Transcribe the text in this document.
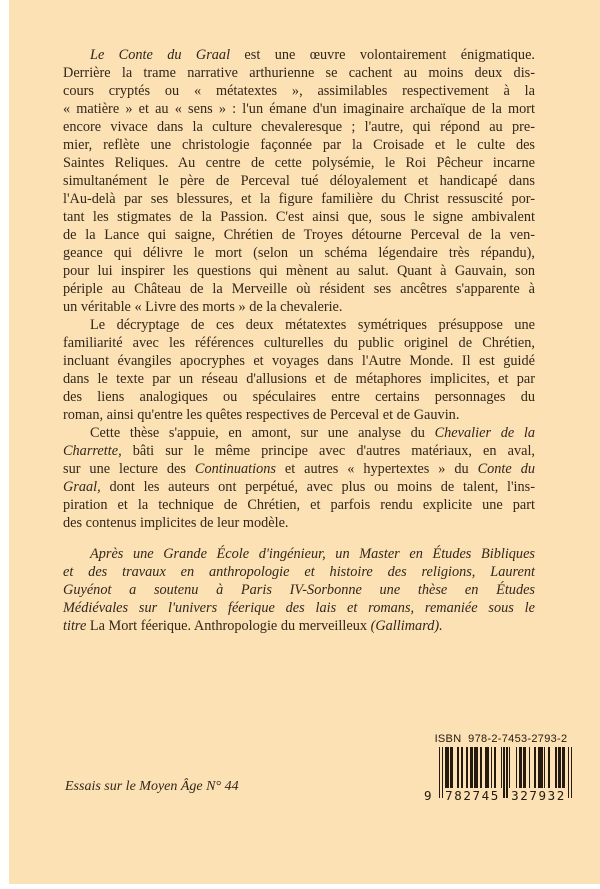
Le Conte du Graal est une œuvre volontairement énigmatique.
Derrière la trame narrative arthurienne se cachent au moins deux dis-
cours cryptés ou « métatextes », assimilables respectivement à la
« matière » et au « sens » : l'un émane d'un imaginaire archaïque de la mort
encore vivace dans la culture chevaleresque ; l'autre, qui répond au pre-
mier, reflète une christologie façonnée par la Croisade et le culte des
Saintes Reliques. Au centre de cette polysémie, le Roi Pêcheur incarne
simultanément le père de Perceval tué déloyalement et handicapé dans
l'Au-delà par ses blessures, et la figure familière du Christ ressuscité por-
tant les stigmates de la Passion. C'est ainsi que, sous le signe ambivalent
de la Lance qui saigne, Chrétien de Troyes détourne Perceval de la ven-
geance qui délivre le mort (selon un schéma légendaire très répandu),
pour lui inspirer les questions qui mènent au salut. Quant à Gauvain, son
périple au Château de la Merveille où résident ses ancêtres s'apparente à
un véritable « Livre des morts » de la chevalerie.
Le décryptage de ces deux métatextes symétriques présuppose une
familiarité avec les références culturelles du public originel de Chrétien,
incluant évangiles apocryphes et voyages dans l'Autre Monde. Il est guidé
dans le texte par un réseau d'allusions et de métaphores implicites, et par
des liens analogiques ou spéculaires entre certains personnages du
roman, ainsi qu'entre les quêtes respectives de Perceval et de Gauvin.
Cette thèse s'appuie, en amont, sur une analyse du Chevalier de la
Charrette, bâti sur le même principe avec d'autres matériaux, en aval,
sur une lecture des Continuations et autres « hypertextes » du Conte du
Graal, dont les auteurs ont perpétué, avec plus ou moins de talent, l'ins-
piration et la technique de Chrétien, et parfois rendu explicite une part
des contenus implicites de leur modèle.
Après une Grande École d'ingénieur, un Master en Études Bibliques
et des travaux en anthropologie et histoire des religions, Laurent
Guyénot a soutenu à Paris IV-Sorbonne une thèse en Études
Médiévales sur l'univers féerique des lais et romans, remaniée sous le
titre La Mort féerique. Anthropologie du merveilleux (Gallimard).
Essais sur le Moyen Âge N° 44
ISBN  978-2-7453-2793-2
9 782745 327932
